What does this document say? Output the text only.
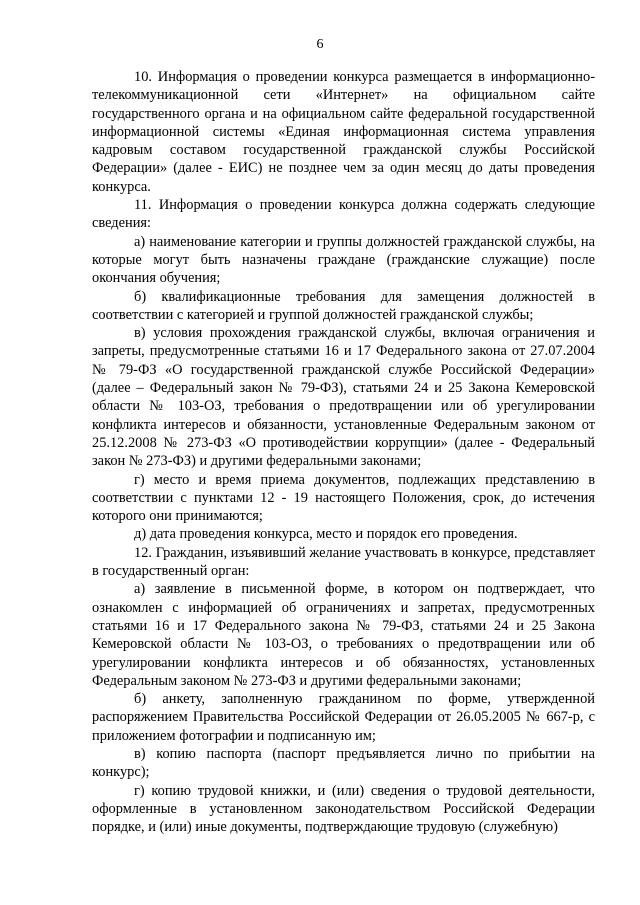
6

10. Информация о проведении конкурса размещается в информационно-телекоммуникационной сети «Интернет» на официальном сайте государственного органа и на официальном сайте федеральной государственной информационной системы «Единая информационная система управления кадровым составом государственной гражданской службы Российской Федерации» (далее - ЕИС) не позднее чем за один месяц до даты проведения конкурса.

11. Информация о проведении конкурса должна содержать следующие сведения:

а) наименование категории и группы должностей гражданской службы, на которые могут быть назначены граждане (гражданские служащие) после окончания обучения;

б) квалификационные требования для замещения должностей в соответствии с категорией и группой должностей гражданской службы;

в) условия прохождения гражданской службы, включая ограничения и запреты, предусмотренные статьями 16 и 17 Федерального закона от 27.07.2004 № 79-ФЗ «О государственной гражданской службе Российской Федерации» (далее – Федеральный закон № 79-ФЗ), статьями 24 и 25 Закона Кемеровской области № 103-ОЗ, требования о предотвращении или об урегулировании конфликта интересов и обязанности, установленные Федеральным законом от 25.12.2008 № 273-ФЗ «О противодействии коррупции» (далее - Федеральный закон № 273-ФЗ) и другими федеральными законами;

г) место и время приема документов, подлежащих представлению в соответствии с пунктами 12 - 19 настоящего Положения, срок, до истечения которого они принимаются;

д) дата проведения конкурса, место и порядок его проведения.

12. Гражданин, изъявивший желание участвовать в конкурсе, представляет в государственный орган:

а) заявление в письменной форме, в котором он подтверждает, что ознакомлен с информацией об ограничениях и запретах, предусмотренных статьями 16 и 17 Федерального закона № 79-ФЗ, статьями 24 и 25 Закона Кемеровской области № 103-ОЗ, о требованиях о предотвращении или об урегулировании конфликта интересов и об обязанностях, установленных Федеральным законом № 273-ФЗ и другими федеральными законами;

б) анкету, заполненную гражданином по форме, утвержденной распоряжением Правительства Российской Федерации от 26.05.2005 № 667-р, с приложением фотографии и подписанную им;

в) копию паспорта (паспорт предъявляется лично по прибытии на конкурс);

г) копию трудовой книжки, и (или) сведения о трудовой деятельности, оформленные в установленном законодательством Российской Федерации порядке, и (или) иные документы, подтверждающие трудовую (служебную)
